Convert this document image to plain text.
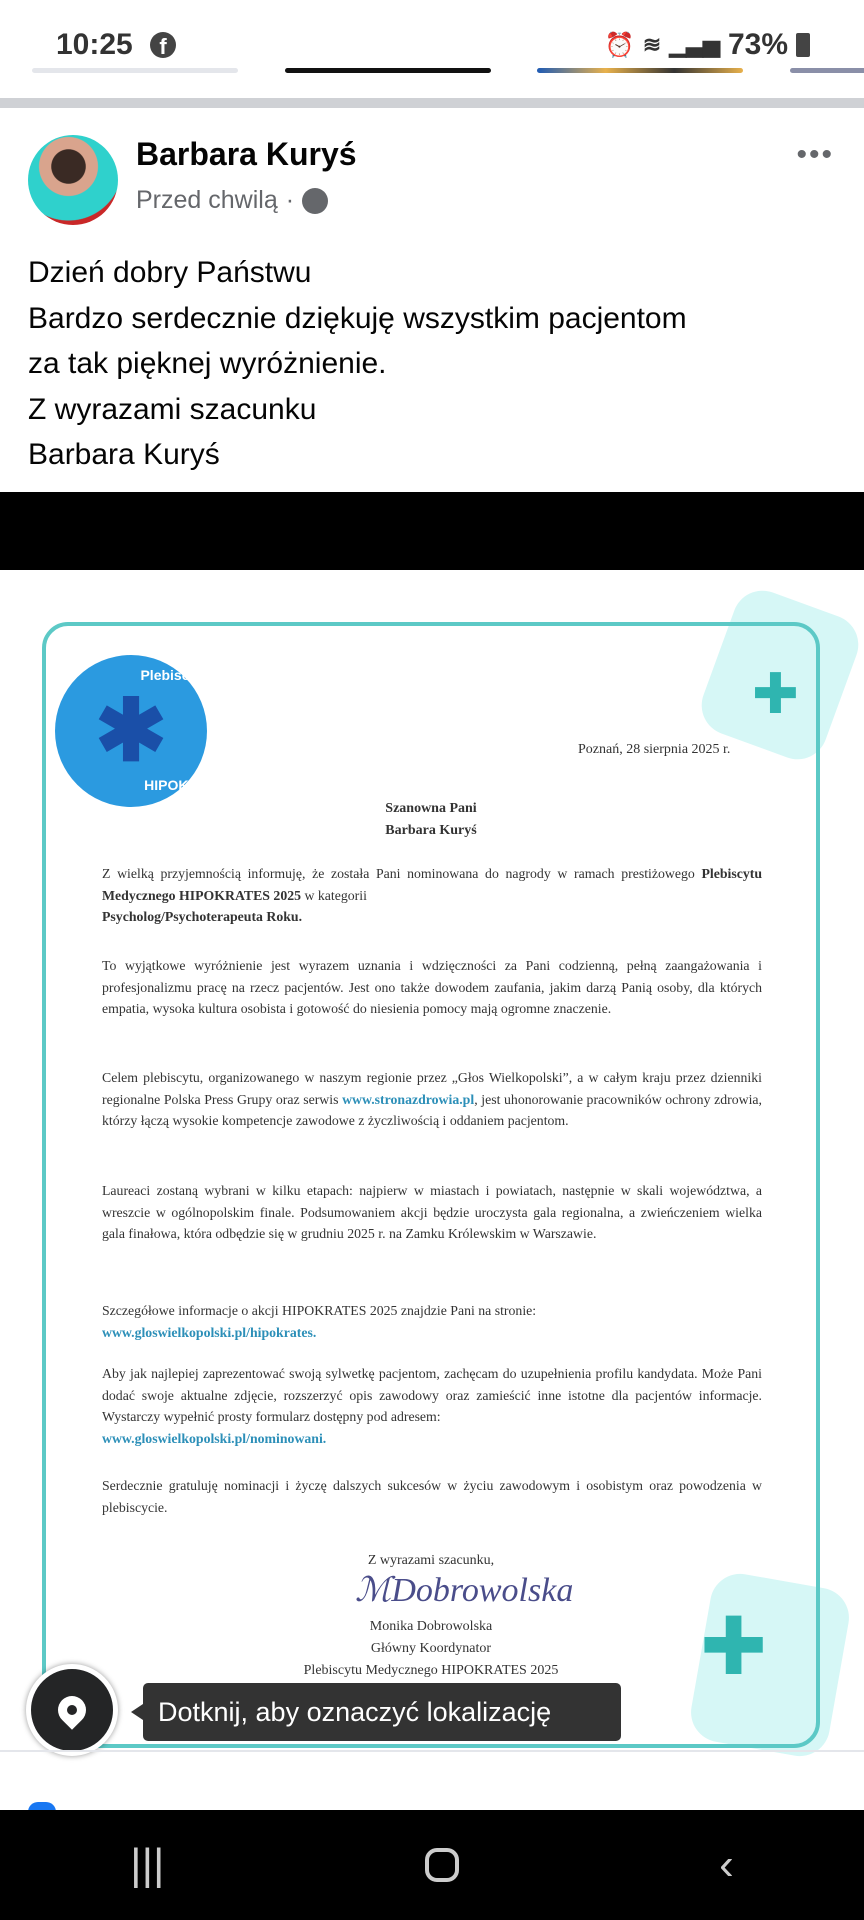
10:25	f	⏰ ≋ ▁▃▅ 73%
Barbara Kuryś
Przed chwilą ·
•••
Dzień dobry Państwu
Bardzo serdecznie dziękuję wszystkim pacjentom
za tak pięknej wyróżnienie.
Z wyrazami szacunku
Barbara Kuryś
✚
✚
Plebiscyt medyczny
✱
HIPOKRATES 2025
Poznań, 28 sierpnia 2025 r.
Szanowna Pani
Barbara Kuryś
Z wielką przyjemnością informuję, że została Pani nominowana do nagrody w ramach prestiżowego Plebiscytu Medycznego HIPOKRATES 2025 w kategorii
Psycholog/Psychoterapeuta Roku.
To wyjątkowe wyróżnienie jest wyrazem uznania i wdzięczności za Pani codzienną, pełną zaangażowania i profesjonalizmu pracę na rzecz pacjentów. Jest ono także dowodem zaufania, jakim darzą Panią osoby, dla których empatia, wysoka kultura osobista i gotowość do niesienia pomocy mają ogromne znaczenie.
Celem plebiscytu, organizowanego w naszym regionie przez „Głos Wielkopolski”, a w całym kraju przez dzienniki regionalne Polska Press Grupy oraz serwis www.stronazdrowia.pl, jest uhonorowanie pracowników ochrony zdrowia, którzy łączą wysokie kompetencje zawodowe z życzliwością i oddaniem pacjentom.
Laureaci zostaną wybrani w kilku etapach: najpierw w miastach i powiatach, następnie w skali województwa, a wreszcie w ogólnopolskim finale. Podsumowaniem akcji będzie uroczysta gala regionalna, a zwieńczeniem wielka gala finałowa, która odbędzie się w grudniu 2025 r. na Zamku Królewskim w Warszawie.
Szczegółowe informacje o akcji HIPOKRATES 2025 znajdzie Pani na stronie:
www.gloswielkopolski.pl/hipokrates.
Aby jak najlepiej zaprezentować swoją sylwetkę pacjentom, zachęcam do uzupełnienia profilu kandydata. Może Pani dodać swoje aktualne zdjęcie, rozszerzyć opis zawodowy oraz zamieścić inne istotne dla pacjentów informacje. Wystarczy wypełnić prosty formularz dostępny pod adresem:
www.gloswielkopolski.pl/nominowani.
Serdecznie gratuluję nominacji i życzę dalszych sukcesów w życiu zawodowym i osobistym oraz powodzenia w plebiscycie.
Z wyrazami szacunku,
ℳDobrowolska
Monika Dobrowolska
Główny Koordynator
Plebiscytu Medycznego HIPOKRATES 2025
Dotknij, aby oznaczyć lokalizację
|||	‹
